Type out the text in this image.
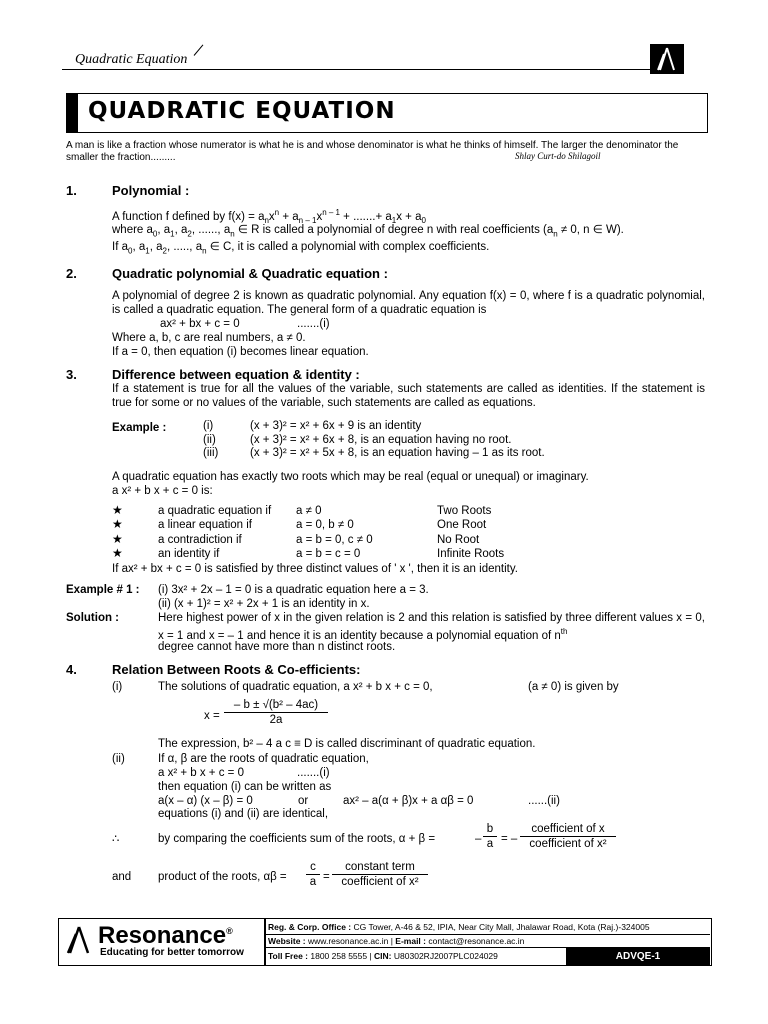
Quadratic Equation
QUADRATIC EQUATION
A man is like a fraction whose numerator is what he is and whose denominator is what he thinks of himself. The larger the denominator the smaller the fraction.........	Shlay Curt-do Shilagoil
1.	Polynomial :
A function f defined by $f(x) = a_nx^n + a_{n - 1}x^{n - 1}$ + .......+ $a_1x + a_0$
where $a_0$, $a_1$, $a_2$, ......, $a_n$ ∈ R is called a polynomial of degree n with real coefficients ($a_n \ne 0$, n ∈ W).
If $a_0$, $a_1$, $a_2$, ....., $a_n$ ∈ C, it is called a polynomial with complex coefficients.
2.	Quadratic polynomial & Quadratic equation :
A polynomial of degree 2 is known as quadratic polynomial. Any equation f(x) = 0, where f is a quadratic polynomial, is called a quadratic equation. The general form of a quadratic equation is
ax² + bx + c = 0	.......(i)
Where a, b, c are real numbers, a ≠ 0.
If a = 0, then equation (i) becomes linear equation.
3.	Difference between equation & identity :
If a statement is true for all the values of the variable, such statements are called as identities. If the statement is true for some or no values of the variable, such statements are called as equations.
Example :	(i)	(x + 3)² = x² + 6x + 9 is an identity
(ii)	(x + 3)² = x² + 6x + 8, is an equation having no root.
(iii)	(x + 3)² = x² + 5x + 8, is an equation having – 1 as its root.
A quadratic equation has exactly two roots which may be real (equal or unequal) or imaginary.
a x² + b x + c = 0 is:
★	a quadratic equation if a ≠ 0	Two Roots
★	a linear equation if	a = 0, b ≠ 0	One Root
★	a contradiction if	a = b = 0, c ≠ 0	No Root
★	an identity if	a = b = c = 0	Infinite Roots
If ax² + bx + c = 0 is satisfied by three distinct values of ' x ', then it is an identity.
Example # 1 : (i) 3x² + 2x – 1 = 0 is a quadratic equation here a = 3.
(ii) (x + 1)² = x² + 2x + 1 is an identity in x.
Solution :	Here highest power of x in the given relation is 2 and this relation is satisfied by three different values x = 0, x = 1 and x = – 1 and hence it is an identity because a polynomial equation of $n^{th}$
degree cannot have more than n distinct roots.
4.	Relation Between Roots & Co-efficients:
(i)	The solutions of quadratic equation, a x² + b x + c = 0,	(a ≠ 0) is given by
$x = \frac{\text{– b ± √(b² – 4ac)}}{2a}$
The expression, b² – 4 a c ≡ D is called discriminant of quadratic equation.
(ii)	If α, β are the roots of quadratic equation,
a x² + b x + c = 0	.......(i)
then equation (i) can be written as
a(x – α) (x – β) = 0	or	ax² – a(α + β)x + a αβ = 0	......(ii)
equations (i) and (ii) are identical,
∴	by comparing the coefficients sum of the roots, α + β =	– $\frac{b}{a}$ = –
coefficient of x
coefficient of x²
and product of the roots, $\alpha\beta = \frac{c}{a}$ =
constant term
coefficient of x²
Resonance®
Educating for better tomorrow
Reg. & Corp. Office : CG Tower, A-46 & 52, IPIA, Near City Mall, Jhalawar Road, Kota (Raj.)-324005
Website : www.resonance.ac.in | E-mail : contact@resonance.ac.in
Toll Free : 1800 258 5555 | CIN: U80302RJ2007PLC024029	ADVQE-1
